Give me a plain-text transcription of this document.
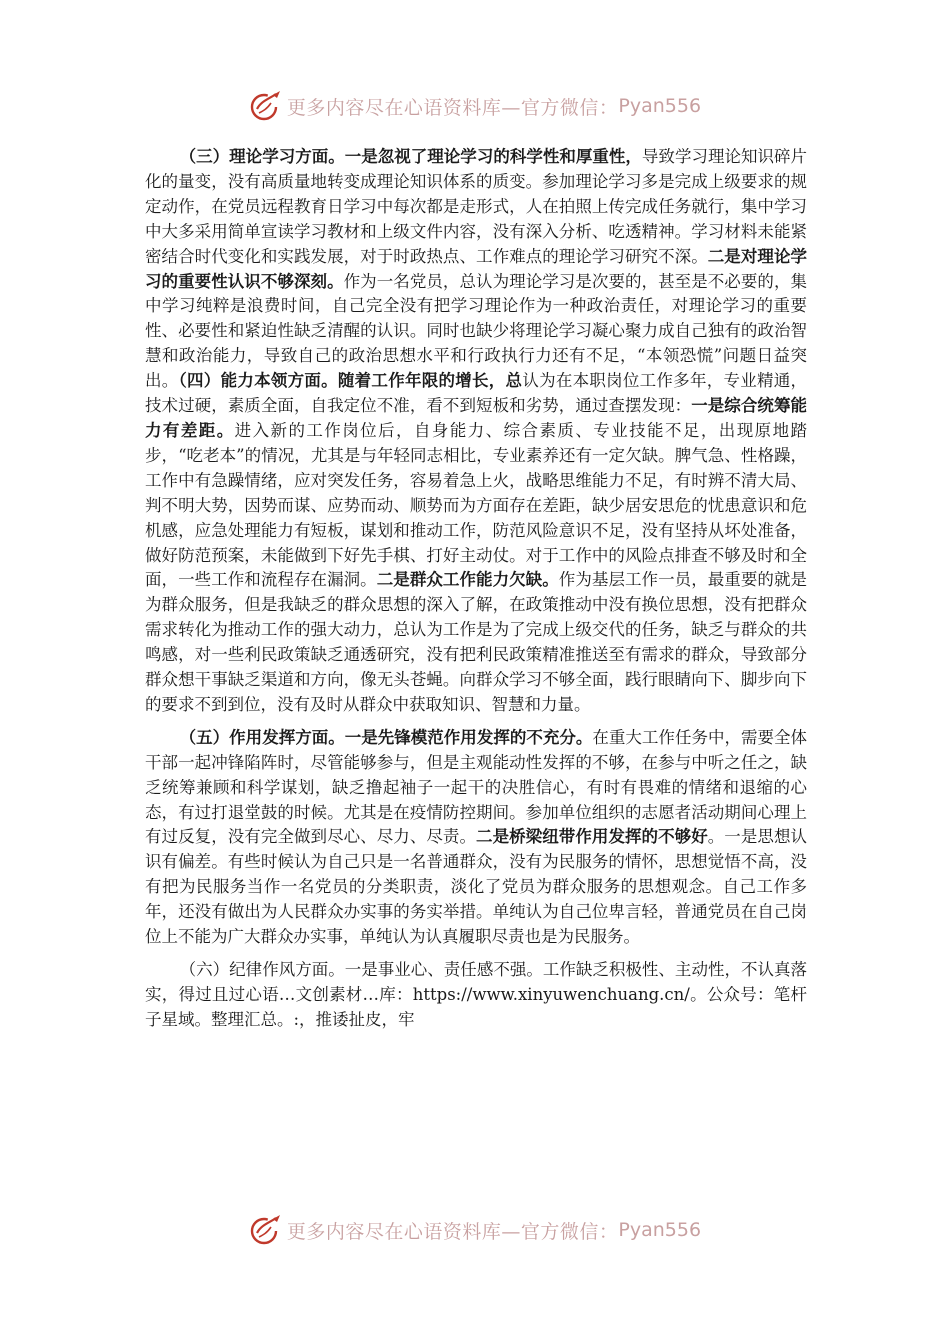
更多内容尽在心语资料库—官方微信： Pyan556

（三）理论学习方面。一是忽视了理论学习的科学性和厚重性，导致学习理论知识碎片化的量变，没有高质量地转变成理论知识体系的质变。参加理论学习多是完成上级要求的规定动作，在党员远程教育日学习中每次都是走形式，人在拍照上传完成任务就行，集中学习中大多采用简单宣读学习教材和上级文件内容，没有深入分析、吃透精神。学习材料未能紧密结合时代变化和实践发展，对于时政热点、工作难点的理论学习研究不深。二是对理论学习的重要性认识不够深刻。作为一名党员，总认为理论学习是次要的，甚至是不必要的，集中学习纯粹是浪费时间，自己完全没有把学习理论作为一种政治责任，对理论学习的重要性、必要性和紧迫性缺乏清醒的认识。同时也缺少将理论学习凝心聚力成自己独有的政治智慧和政治能力，导致自己的政治思想水平和行政执行力还有不足，“本领恐慌”问题日益突出。（四）能力本领方面。随着工作年限的增长，总认为在本职岗位工作多年，专业精通，技术过硬，素质全面，自我定位不准，看不到短板和劣势，通过查摆发现：一是综合统筹能力有差距。进入新的工作岗位后，自身能力、综合素质、专业技能不足，出现原地踏步，“吃老本”的情况，尤其是与年轻同志相比，专业素养还有一定欠缺。脾气急、性格躁，工作中有急躁情绪，应对突发任务，容易着急上火，战略思维能力不足，有时辨不清大局、判不明大势，因势而谋、应势而动、顺势而为方面存在差距，缺少居安思危的忧患意识和危机感，应急处理能力有短板，谋划和推动工作，防范风险意识不足，没有坚持从坏处准备，做好防范预案，未能做到下好先手棋、打好主动仗。对于工作中的风险点排查不够及时和全面，一些工作和流程存在漏洞。二是群众工作能力欠缺。作为基层工作一员，最重要的就是为群众服务，但是我缺乏的群众思想的深入了解，在政策推动中没有换位思想，没有把群众需求转化为推动工作的强大动力，总认为工作是为了完成上级交代的任务，缺乏与群众的共鸣感，对一些利民政策缺乏通透研究，没有把利民政策精准推送至有需求的群众，导致部分群众想干事缺乏渠道和方向，像无头苍蝇。向群众学习不够全面，践行眼睛向下、脚步向下的要求不到到位，没有及时从群众中获取知识、智慧和力量。

（五）作用发挥方面。一是先锋模范作用发挥的不充分。在重大工作任务中，需要全体干部一起冲锋陷阵时，尽管能够参与，但是主观能动性发挥的不够，在参与中听之任之，缺乏统筹兼顾和科学谋划，缺乏撸起袖子一起干的决胜信心，有时有畏难的情绪和退缩的心态，有过打退堂鼓的时候。尤其是在疫情防控期间。参加单位组织的志愿者活动期间心理上有过反复，没有完全做到尽心、尽力、尽责。二是桥梁纽带作用发挥的不够好。一是思想认识有偏差。有些时候认为自己只是一名普通群众，没有为民服务的情怀，思想觉悟不高，没有把为民服务当作一名党员的分类职责，淡化了党员为群众服务的思想观念。自己工作多年，还没有做出为人民群众办实事的务实举措。单纯认为自己位卑言轻，普通党员在自己岗位上不能为广大群众办实事，单纯认为认真履职尽责也是为民服务。

（六）纪律作风方面。一是事业心、责任感不强。工作缺乏积极性、主动性，不认真落实，得过且过心语…文创素材…库：https://www.xinyuwenchuang.cn/。公众号：笔杆子星域。整理汇总。:，推诿扯皮，牢

更多内容尽在心语资料库—官方微信： Pyan556
